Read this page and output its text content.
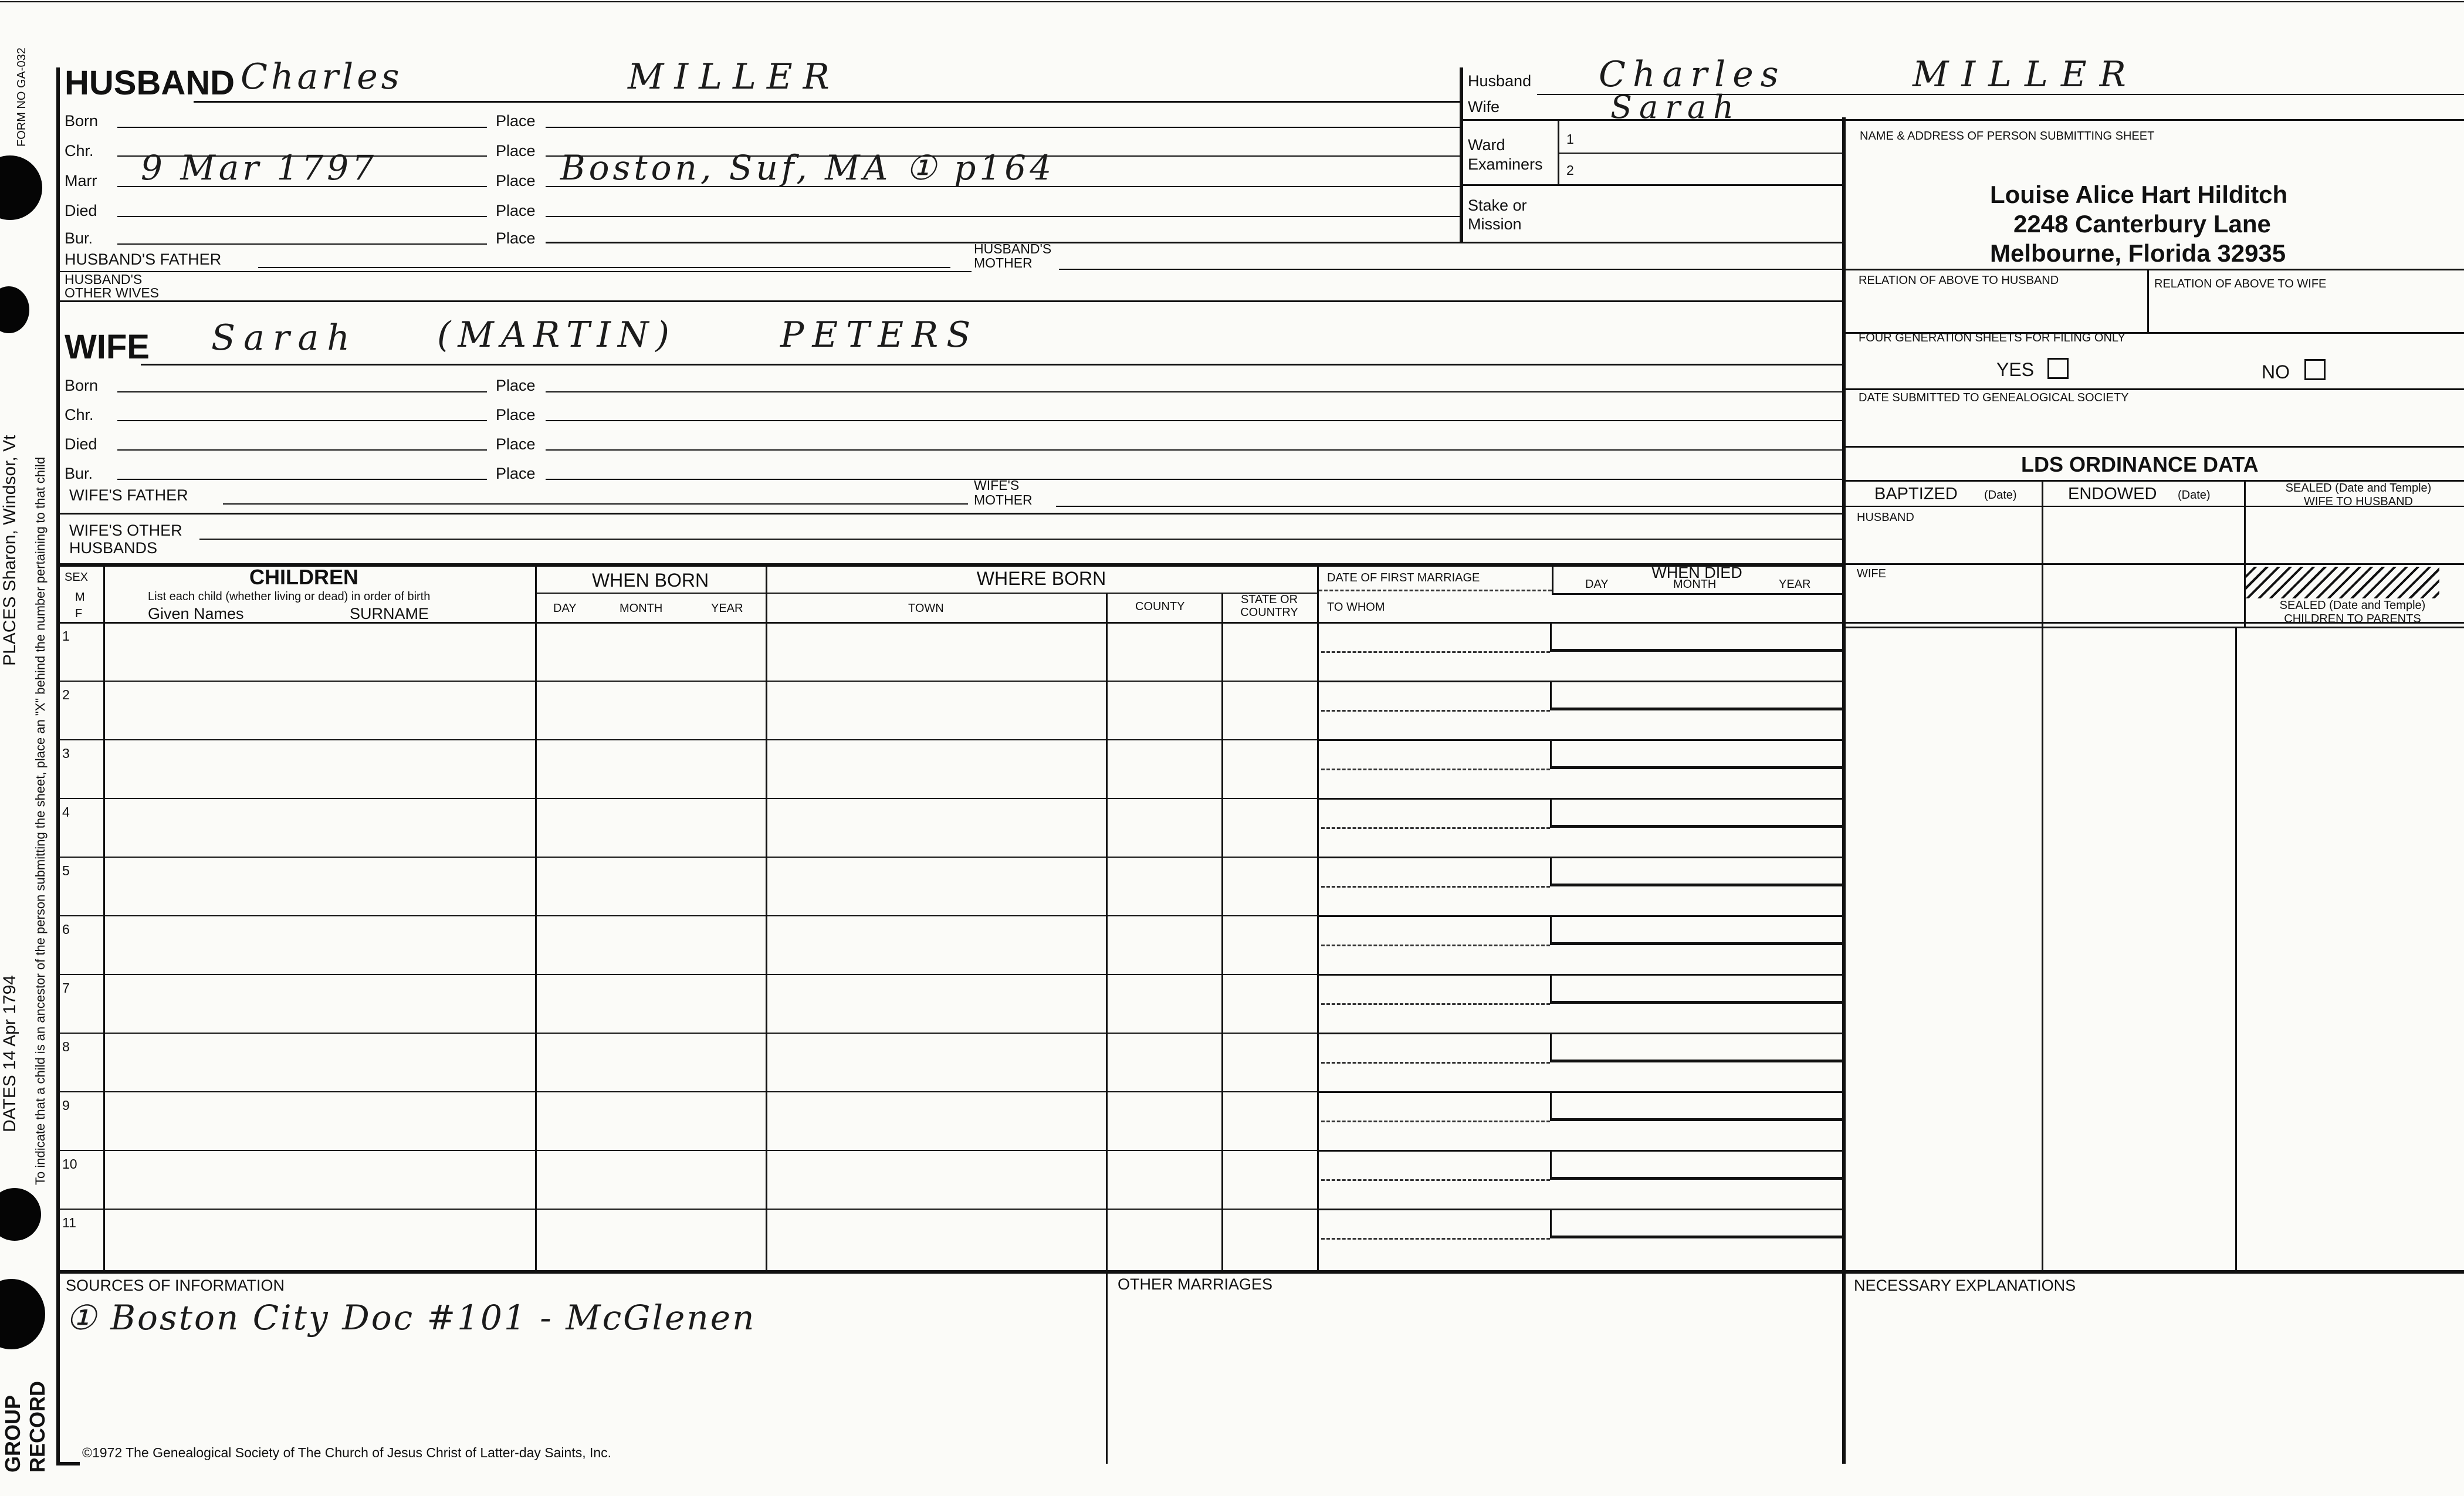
FORM NO GA-032
PLACES Sharon, Windsor, Vt
DATES 14 Apr 1794 To indicate that a child is an ancestor of the person submitting the sheet, place an "X" behind the number pertaining to that child
GROUP RECORD
HUSBAND Charles	MILLER
Born	Place
Chr.	Place
Marr 9 Mar 1797	Place Boston, Suf, MA ① p164
Died	Place
Bur.	Place
HUSBAND'S FATHER
HUSBAND'S
MOTHER
HUSBAND'S
OTHER WIVES
WIFE Sarah (MARTIN)	PETERS
Born	Place
Chr.	Place
Died	Place
Bur.	Place
WIFE'S FATHER
WIFE'S
MOTHER
WIFE'S OTHER
HUSBANDS
Husband Charles	MILLER
Wife	Sarah
Ward
Examiners
1
2
Stake or
Mission
NAME & ADDRESS OF PERSON SUBMITTING SHEET
Louise Alice Hart Hilditch
2248 Canterbury Lane
Melbourne, Florida 32935
RELATION OF ABOVE TO HUSBAND	RELATION OF ABOVE TO WIFE
FOUR GENERATION SHEETS FOR FILING ONLY
YES	NO
DATE SUBMITTED TO GENEALOGICAL SOCIETY
LDS ORDINANCE DATA
BAPTIZED (Date)	ENDOWED (Date)
SEALED (Date and Temple)
WIFE TO HUSBAND
HUSBAND
WIFE
SEALED (Date and Temple)
CHILDREN TO PARENTS
SEX
M
F
CHILDREN
List each child (whether living or dead) in order of birth
Given Names	SURNAME
WHEN BORN
DAY	MONTH	YEAR
WHERE BORN
TOWN	COUNTY
STATE OR
COUNTRY
DATE OF FIRST MARRIAGE
TO WHOM
WHEN DIED
DAY	MONTH	YEAR
1
2
3
4
5
6
7
8
9
10
11
SOURCES OF INFORMATION
① Boston City Doc #101 - McGlenen
OTHER MARRIAGES	NECESSARY EXPLANATIONS
©1972 The Genealogical Society of The Church of Jesus Christ of Latter-day Saints, Inc.
